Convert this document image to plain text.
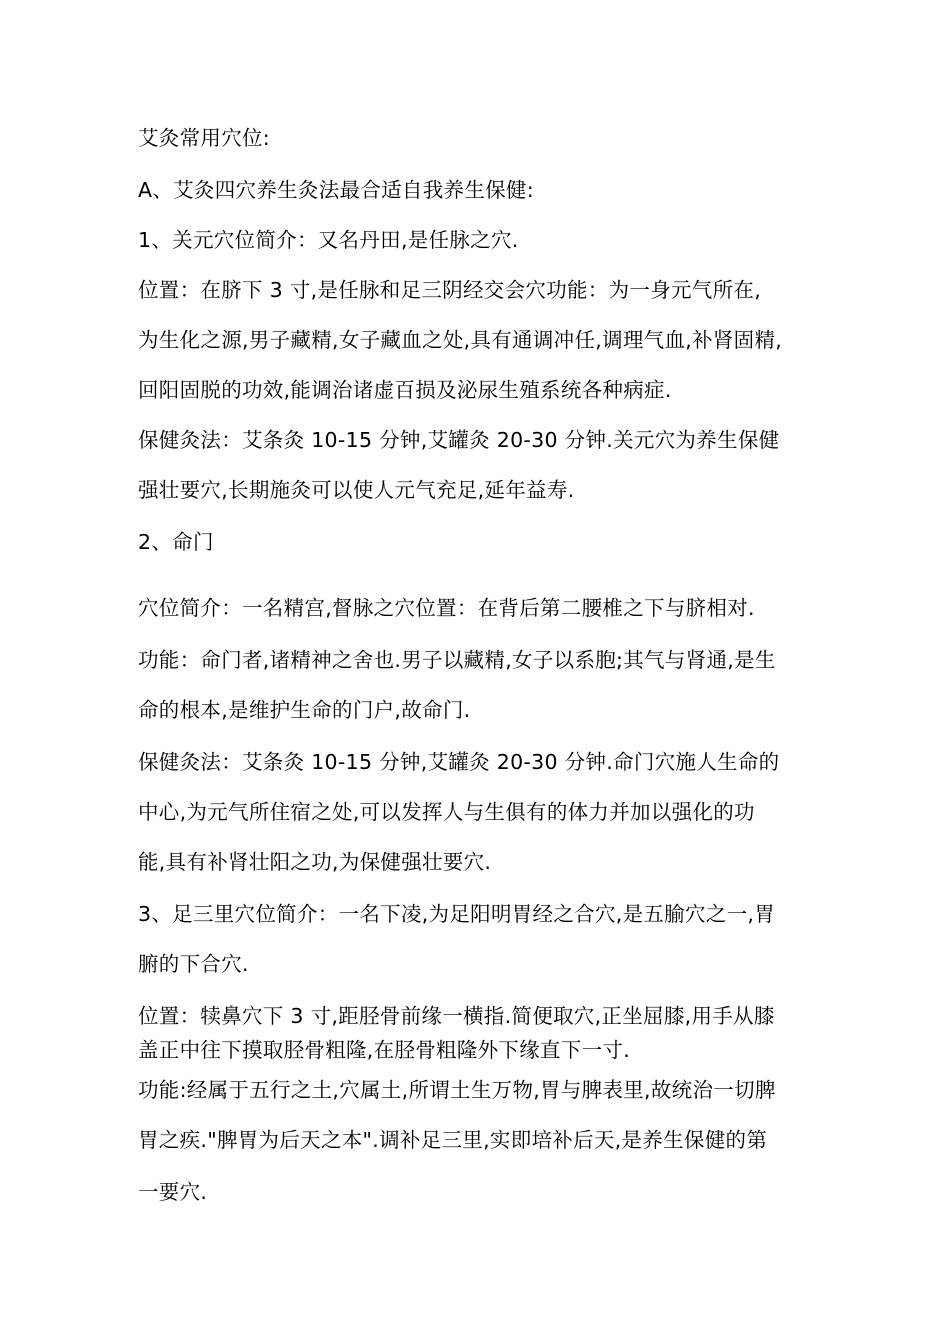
艾灸常用穴位:

A、艾灸四穴养生灸法最合适自我养生保健:

1、关元穴位简介：又名丹田,是任脉之穴.

位置：在脐下 3 寸,是任脉和足三阴经交会穴功能：为一身元气所在,

为生化之源,男子藏精,女子藏血之处,具有通调冲任,调理气血,补肾固精,

回阳固脱的功效,能调治诸虚百损及泌尿生殖系统各种病症.

保健灸法：艾条灸 10-15 分钟,艾罐灸 20-30 分钟.关元穴为养生保健

强壮要穴,长期施灸可以使人元气充足,延年益寿.

2、命门

穴位简介：一名精宫,督脉之穴位置：在背后第二腰椎之下与脐相对.

功能：命门者,诸精神之舍也.男子以藏精,女子以系胞;其气与肾通,是生

命的根本,是维护生命的门户,故命门.

保健灸法：艾条灸 10-15 分钟,艾罐灸 20-30 分钟.命门穴施人生命的

中心,为元气所住宿之处,可以发挥人与生俱有的体力并加以强化的功

能,具有补肾壮阳之功,为保健强壮要穴.

3、足三里穴位简介：一名下凌,为足阳明胃经之合穴,是五腧穴之一,胃

腑的下合穴.

位置：犊鼻穴下 3 寸,距胫骨前缘一横指.简便取穴,正坐屈膝,用手从膝

盖正中往下摸取胫骨粗隆,在胫骨粗隆外下缘直下一寸.

功能:经属于五行之土,穴属土,所谓土生万物,胃与脾表里,故统治一切脾

胃之疾."脾胃为后天之本".调补足三里,实即培补后天,是养生保健的第

一要穴.
